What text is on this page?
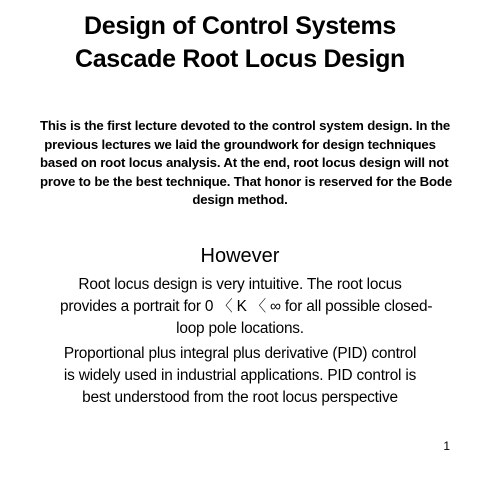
Design of Control Systems
Cascade Root Locus Design
This is the first lecture devoted to the control system design. In the
previous lectures we laid the groundwork for design techniques
based on root locus analysis. At the end, root locus design will not
prove to be the best technique. That honor is reserved for the Bode
design method.
However
Root locus design is very intuitive. The root locus
provides a portrait for 0 〈 K 〈 ∞ for all possible closed-
loop pole locations.
Proportional plus integral plus derivative (PID) control
is widely used in industrial applications. PID control is
best understood from the root locus perspective
1
